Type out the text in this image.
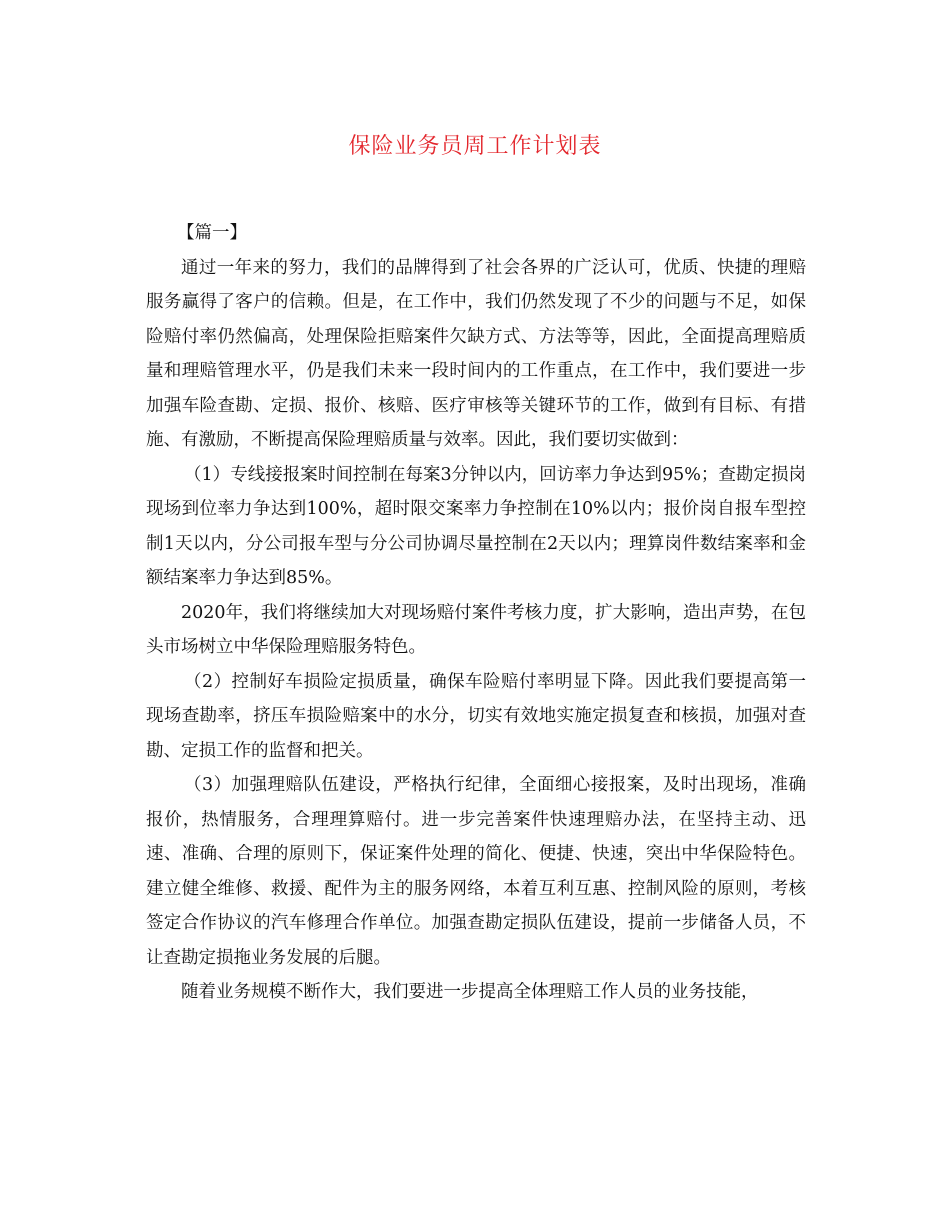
保险业务员周工作计划表

【篇一】

通过一年来的努力，我们的品牌得到了社会各界的广泛认可，优质、快捷的理赔服务赢得了客户的信赖。但是，在工作中，我们仍然发现了不少的问题与不足，如保险赔付率仍然偏高，处理保险拒赔案件欠缺方式、方法等等，因此，全面提高理赔质量和理赔管理水平，仍是我们未来一段时间内的工作重点，在工作中，我们要进一步加强车险查勘、定损、报价、核赔、医疗审核等关键环节的工作，做到有目标、有措施、有激励，不断提高保险理赔质量与效率。因此，我们要切实做到：

（1）专线接报案时间控制在每案3分钟以内，回访率力争达到95%；查勘定损岗现场到位率力争达到100%，超时限交案率力争控制在10%以内；报价岗自报车型控制1天以内，分公司报车型与分公司协调尽量控制在2天以内；理算岗件数结案率和金额结案率力争达到85%。

2020年，我们将继续加大对现场赔付案件考核力度，扩大影响，造出声势，在包头市场树立中华保险理赔服务特色。

（2）控制好车损险定损质量，确保车险赔付率明显下降。因此我们要提高第一现场查勘率，挤压车损险赔案中的水分，切实有效地实施定损复查和核损，加强对查勘、定损工作的监督和把关。

（3）加强理赔队伍建设，严格执行纪律，全面细心接报案，及时出现场，准确报价，热情服务，合理理算赔付。进一步完善案件快速理赔办法，在坚持主动、迅速、准确、合理的原则下，保证案件处理的简化、便捷、快速，突出中华保险特色。建立健全维修、救援、配件为主的服务网络，本着互利互惠、控制风险的原则，考核签定合作协议的汽车修理合作单位。加强查勘定损队伍建设，提前一步储备人员，不让查勘定损拖业务发展的后腿。

随着业务规模不断作大，我们要进一步提高全体理赔工作人员的业务技能，
